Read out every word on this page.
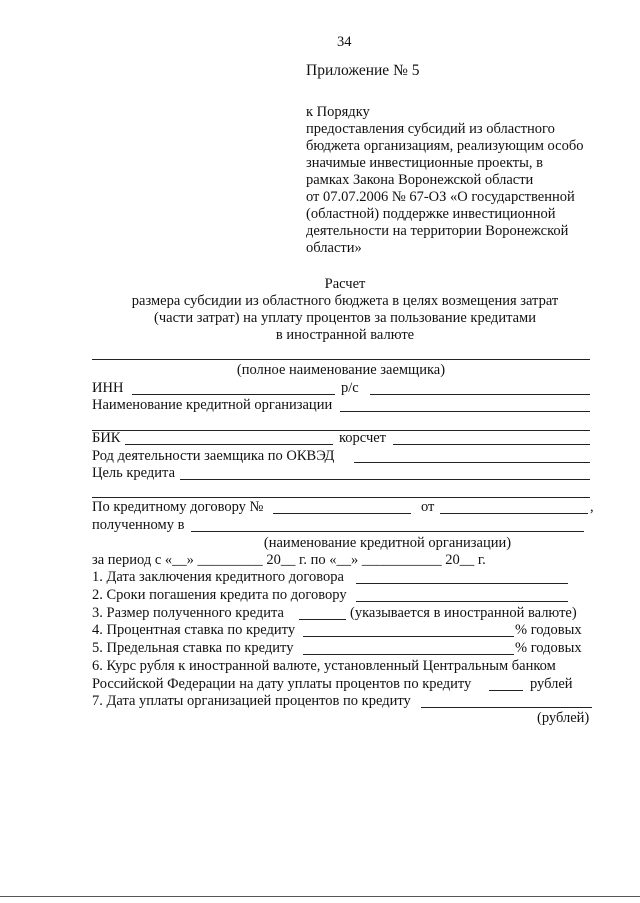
34
Приложение № 5
к Порядку
предоставления субсидий из областного
бюджета организациям, реализующим особо
значимые инвестиционные проекты, в
рамках Закона Воронежской области
от 07.07.2006 № 67-ОЗ «О государственной
(областной) поддержке инвестиционной
деятельности на территории Воронежской
области»
Расчет
размера субсидии из областного бюджета в целях возмещения затрат
(части затрат) на уплату процентов за пользование кредитами
в иностранной валюте
(полное наименование заемщика)
ИНН	р/с
Наименование кредитной организации
БИК	корсчет
Род деятельности заемщика по ОКВЭД
Цель кредита
По кредитному договору №	от	,
полученному в
(наименование кредитной организации)
за период с «__» _________ 20__ г. по «__» ___________ 20__ г.
1. Дата заключения кредитного договора
2. Сроки погашения кредита по договору
3. Размер полученного кредита	(указывается в иностранной валюте)
4. Процентная ставка по кредиту	% годовых
5. Предельная ставка по кредиту	% годовых
6. Курс рубля к иностранной валюте, установленный Центральным банком
Российской Федерации на дату уплаты процентов по кредиту	рублей
7. Дата уплаты организацией процентов по кредиту
(рублей)
